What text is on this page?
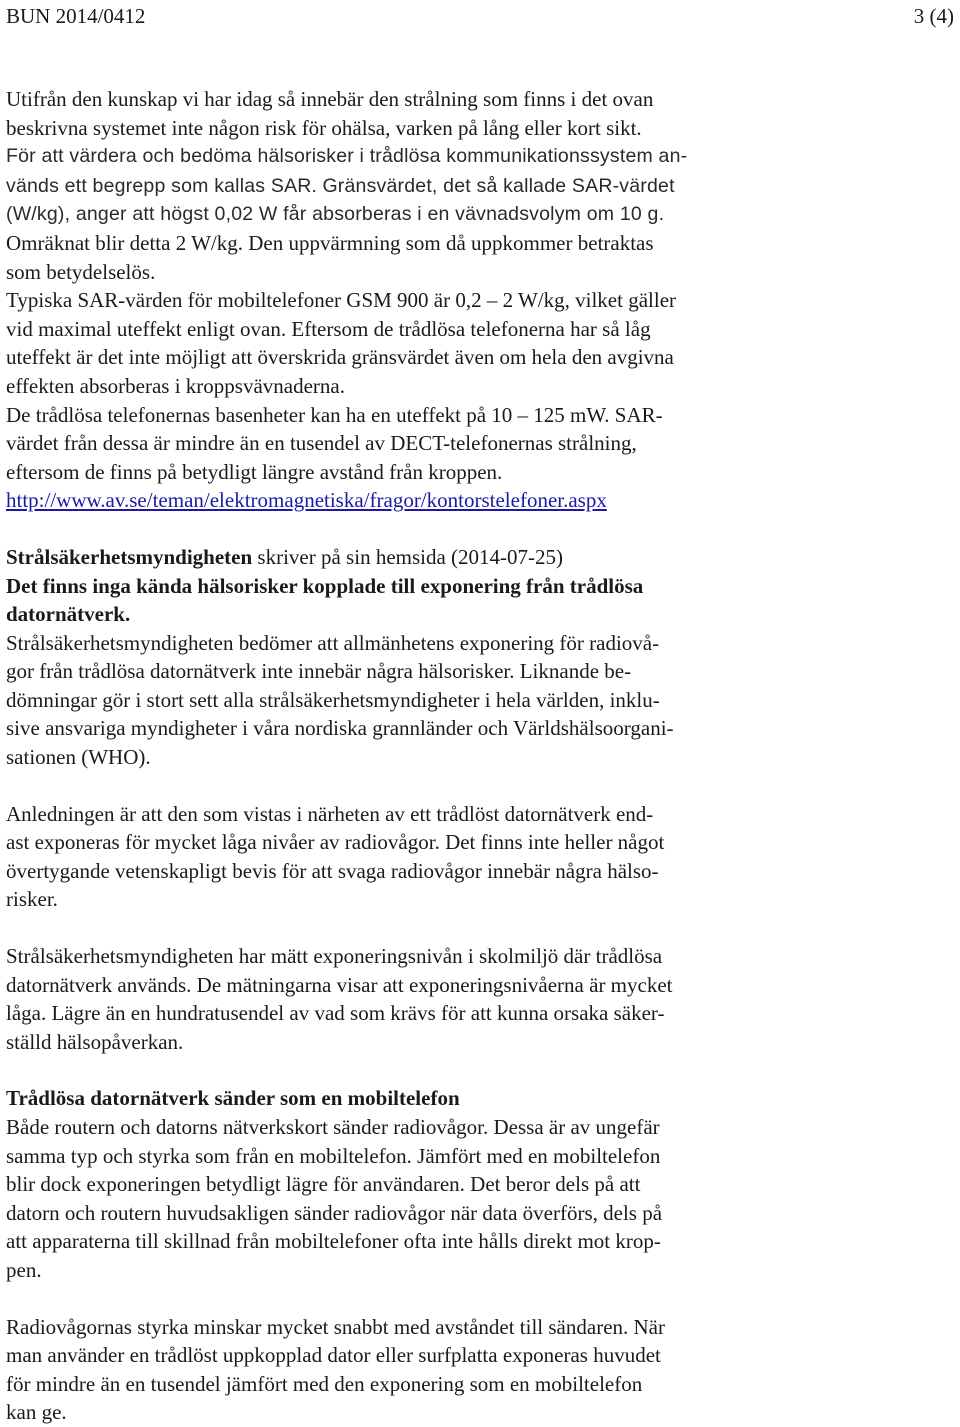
BUN 2014/0412	3 (4)
Utifrån den kunskap vi har idag så innebär den strålning som finns i det ovan
beskrivna systemet inte någon risk för ohälsa, varken på lång eller kort sikt.
För att värdera och bedöma hälsorisker i trådlösa kommunikationssystem an-
vänds ett begrepp som kallas SAR. Gränsvärdet, det så kallade SAR-värdet
(W/kg), anger att högst 0,02 W får absorberas i en vävnadsvolym om 10 g.
Omräknat blir detta 2 W/kg. Den uppvärmning som då uppkommer betraktas
som betydelselös.
Typiska SAR-värden för mobiltelefoner GSM 900 är 0,2 – 2 W/kg, vilket gäller
vid maximal uteffekt enligt ovan. Eftersom de trådlösa telefonerna har så låg
uteffekt är det inte möjligt att överskrida gränsvärdet även om hela den avgivna
effekten absorberas i kroppsvävnaderna.
De trådlösa telefonernas basenheter kan ha en uteffekt på 10 – 125 mW. SAR-
värdet från dessa är mindre än en tusendel av DECT-telefonernas strålning,
eftersom de finns på betydligt längre avstånd från kroppen.
http://www.av.se/teman/elektromagnetiska/fragor/kontorstelefoner.aspx
Strålsäkerhetsmyndigheten skriver på sin hemsida (2014-07-25)
Det finns inga kända hälsorisker kopplade till exponering från trådlösa
datornätverk.
Strålsäkerhetsmyndigheten bedömer att allmänhetens exponering för radiovå-
gor från trådlösa datornätverk inte innebär några hälsorisker. Liknande be-
dömningar gör i stort sett alla strålsäkerhetsmyndigheter i hela världen, inklu-
sive ansvariga myndigheter i våra nordiska grannländer och Världshälsoorgani-
sationen (WHO).
Anledningen är att den som vistas i närheten av ett trådlöst datornätverk end-
ast exponeras för mycket låga nivåer av radiovågor. Det finns inte heller något
övertygande vetenskapligt bevis för att svaga radiovågor innebär några hälso-
risker.
Strålsäkerhetsmyndigheten har mätt exponeringsnivån i skolmiljö där trådlösa
datornätverk används. De mätningarna visar att exponeringsnivåerna är mycket
låga. Lägre än en hundratusendel av vad som krävs för att kunna orsaka säker-
ställd hälsopåverkan.
Trådlösa datornätverk sänder som en mobiltelefon
Både routern och datorns nätverkskort sänder radiovågor. Dessa är av ungefär
samma typ och styrka som från en mobiltelefon. Jämfört med en mobiltelefon
blir dock exponeringen betydligt lägre för användaren. Det beror dels på att
datorn och routern huvudsakligen sänder radiovågor när data överförs, dels på
att apparaterna till skillnad från mobiltelefoner ofta inte hålls direkt mot krop-
pen.
Radiovågornas styrka minskar mycket snabbt med avståndet till sändaren. När
man använder en trådlöst uppkopplad dator eller surfplatta exponeras huvudet
för mindre än en tusendel jämfört med den exponering som en mobiltelefon
kan ge.
